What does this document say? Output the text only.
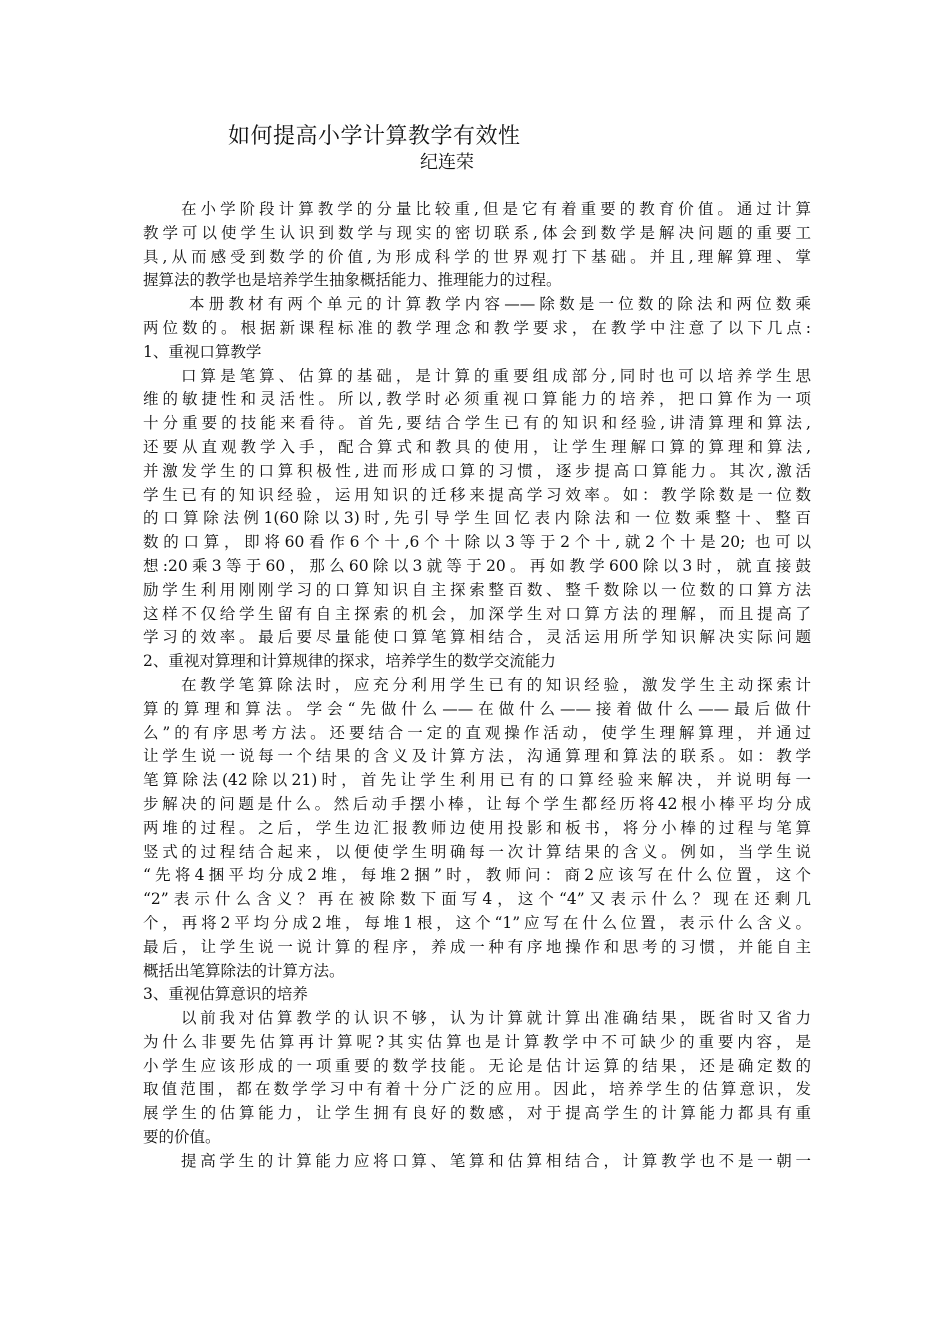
如何提高小学计算教学有效性
纪连荣
在小学阶段计算教学的分量比较重,但是它有着重要的教育价值。通过计算
教学可以使学生认识到数学与现实的密切联系,体会到数学是解决问题的重要工
具,从而感受到数学的价值,为形成科学的世界观打下基础。并且,理解算理、掌
握算法的教学也是培养学生抽象概括能力、推理能力的过程。
本册教材有两个单元的计算教学内容——除数是一位数的除法和两位数乘
两位数的。根据新课程标准的教学理念和教学要求，在教学中注意了以下几点:
1、重视口算教学
口算是笔算、估算的基础，是计算的重要组成部分,同时也可以培养学生思
维的敏捷性和灵活性。所以,教学时必须重视口算能力的培养，把口算作为一项
十分重要的技能来看待。首先,要结合学生已有的知识和经验,讲清算理和算法,
还要从直观教学入手，配合算式和教具的使用，让学生理解口算的算理和算法,
并激发学生的口算积极性,进而形成口算的习惯，逐步提高口算能力。其次,激活
学生已有的知识经验，运用知识的迁移来提高学习效率。如：教学除数是一位数
的口算除法例1(60除以3)时,先引导学生回忆表内除法和一位数乘整十、整百
数的口算，即将60看作6个十,6个十除以3等于2个十,就2个十是20; 也可以
想:20乘3等于60，那么60除以3就等于20。再如教学600除以3时，就直接鼓
励学生利用刚刚学习的口算知识自主探索整百数、整千数除以一位数的口算方法
这样不仅给学生留有自主探索的机会，加深学生对口算方法的理解，而且提高了
学习的效率。最后要尽量能使口算笔算相结合，灵活运用所学知识解决实际问题
2、重视对算理和计算规律的探求，培养学生的数学交流能力
在教学笔算除法时，应充分利用学生已有的知识经验，激发学生主动探索计
算的算理和算法。学会“先做什么——在做什么——接着做什么——最后做什
么”的有序思考方法。还要结合一定的直观操作活动，使学生理解算理，并通过
让学生说一说每一个结果的含义及计算方法，沟通算理和算法的联系。如：教学
笔算除法(42除以21)时，首先让学生利用已有的口算经验来解决，并说明每一
步解决的问题是什么。然后动手摆小棒，让每个学生都经历将42根小棒平均分成
两堆的过程。之后，学生边汇报教师边使用投影和板书，将分小棒的过程与笔算
竖式的过程结合起来，以便使学生明确每一次计算结果的含义。例如，当学生说
“先将4捆平均分成2堆，每堆2捆”时，教师问：商2应该写在什么位置，这个
“2”表示什么含义？再在被除数下面写4，这个“4”又表示什么？现在还剩几
个，再将2平均分成2堆，每堆1根，这个“1”应写在什么位置，表示什么含义。
最后，让学生说一说计算的程序，养成一种有序地操作和思考的习惯，并能自主
概括出笔算除法的计算方法。
3、重视估算意识的培养
以前我对估算教学的认识不够，认为计算就计算出准确结果，既省时又省力
为什么非要先估算再计算呢?其实估算也是计算教学中不可缺少的重要内容，是
小学生应该形成的一项重要的数学技能。无论是估计运算的结果，还是确定数的
取值范围，都在数学学习中有着十分广泛的应用。因此，培养学生的估算意识，发
展学生的估算能力，让学生拥有良好的数感，对于提高学生的计算能力都具有重
要的价值。
提高学生的计算能力应将口算、笔算和估算相结合，计算教学也不是一朝一
